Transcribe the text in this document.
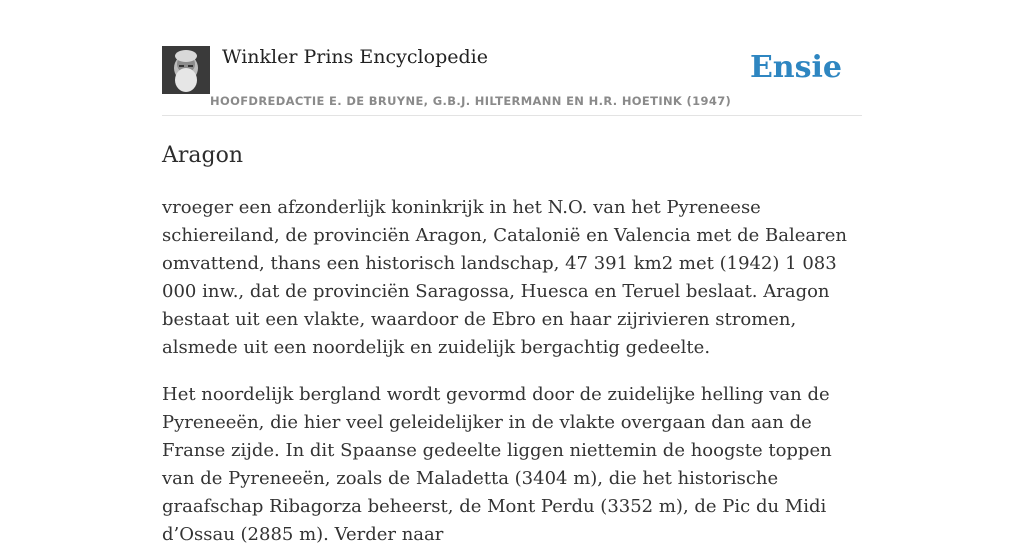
Winkler Prins Encyclopedie
HOOFDREDACTIE E. DE BRUYNE, G.B.J. HILTERMANN EN H.R. HOETINK (1947)
Ensie
Aragon

vroeger een afzonderlijk koninkrijk in het N.O. van het Pyreneese schiereiland, de provinciën Aragon, Catalonië en Valencia met de Balearen omvattend, thans een historisch landschap, 47 391 km2 met (1942) 1 083 000 inw., dat de provinciën Saragossa, Huesca en Teruel beslaat. Aragon bestaat uit een vlakte, waardoor de Ebro en haar zijrivieren stromen, alsmede uit een noordelijk en zuidelijk bergachtig gedeelte.

Het noordelijk bergland wordt gevormd door de zuidelijke helling van de Pyreneeën, die hier veel geleidelijker in de vlakte overgaan dan aan de Franse zijde. In dit Spaanse gedeelte liggen niettemin de hoogste toppen van de Pyreneeën, zoals de Maladetta (3404 m), die het historische graafschap Ribagorza beheerst, de Mont Perdu (3352 m), de Pic du Midi d’Ossau (2885 m). Verder naar
